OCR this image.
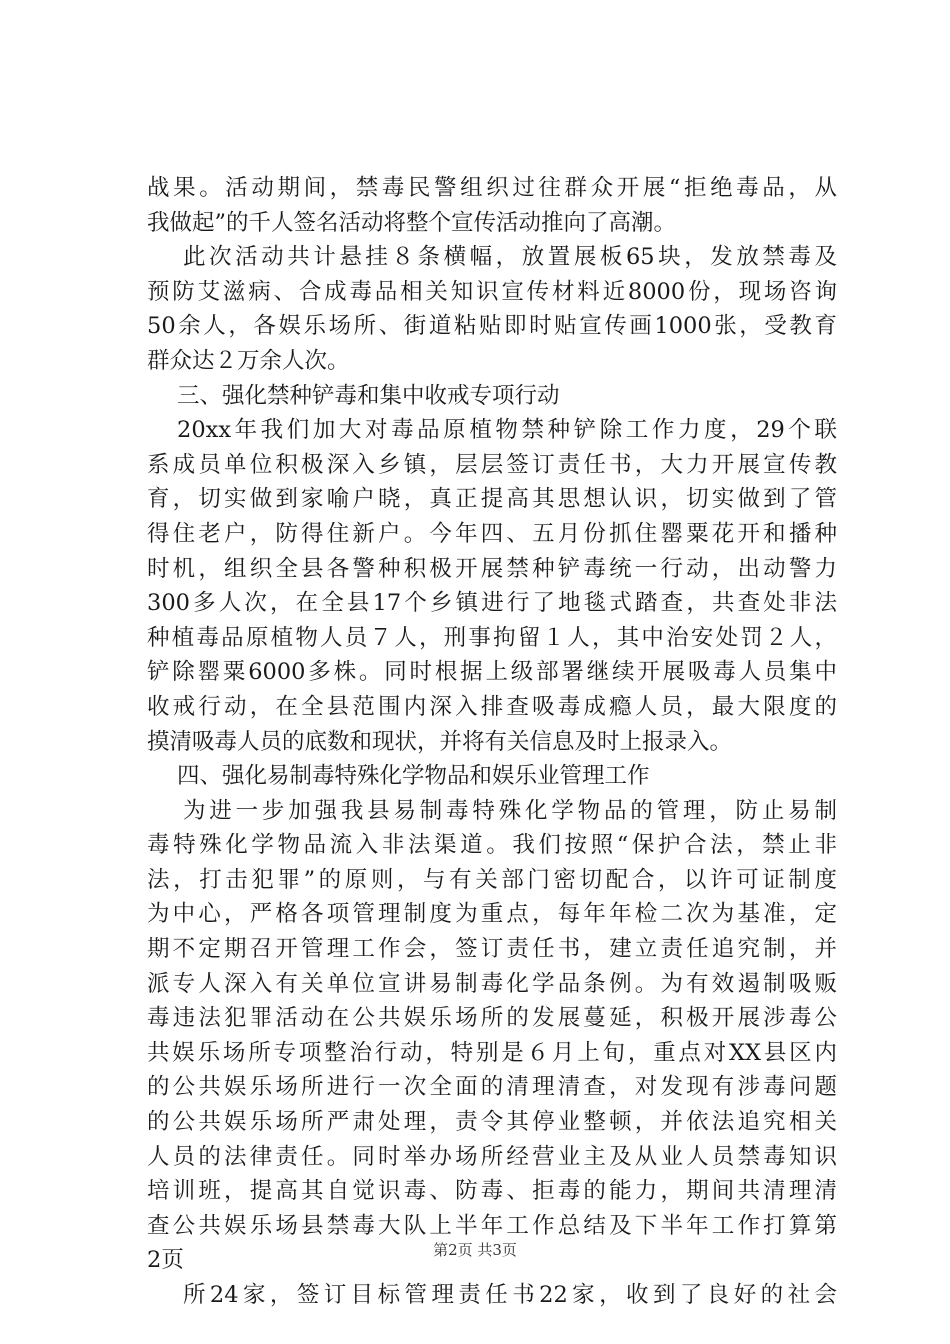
战果。活动期间，禁毒民警组织过往群众开展“拒绝毒品，从
我做起”的千人签名活动将整个宣传活动推向了高潮。
此次活动共计悬挂８条横幅，放置展板65块，发放禁毒及
预防艾滋病、合成毒品相关知识宣传材料近8000份，现场咨询
50余人，各娱乐场所、街道粘贴即时贴宣传画1000张，受教育
群众达２万余人次。
三、强化禁种铲毒和集中收戒专项行动
20xx年我们加大对毒品原植物禁种铲除工作力度，29个联
系成员单位积极深入乡镇，层层签订责任书，大力开展宣传教
育，切实做到家喻户晓，真正提高其思想认识，切实做到了管
得住老户，防得住新户。今年四、五月份抓住罂粟花开和播种
时机，组织全县各警种积极开展禁种铲毒统一行动，出动警力
300多人次，在全县17个乡镇进行了地毯式踏查，共查处非法
种植毒品原植物人员７人，刑事拘留１人，其中治安处罚２人，
铲除罂粟6000多株。同时根据上级部署继续开展吸毒人员集中
收戒行动，在全县范围内深入排查吸毒成瘾人员，最大限度的
摸清吸毒人员的底数和现状，并将有关信息及时上报录入。
四、强化易制毒特殊化学物品和娱乐业管理工作
为进一步加强我县易制毒特殊化学物品的管理，防止易制
毒特殊化学物品流入非法渠道。我们按照“保护合法，禁止非
法，打击犯罪”的原则，与有关部门密切配合，以许可证制度
为中心，严格各项管理制度为重点，每年年检二次为基准，定
期不定期召开管理工作会，签订责任书，建立责任追究制，并
派专人深入有关单位宣讲易制毒化学品条例。为有效遏制吸贩
毒违法犯罪活动在公共娱乐场所的发展蔓延，积极开展涉毒公
共娱乐场所专项整治行动，特别是６月上旬，重点对XX县区内
的公共娱乐场所进行一次全面的清理清查，对发现有涉毒问题
的公共娱乐场所严肃处理，责令其停业整顿，并依法追究相关
人员的法律责任。同时举办场所经营业主及从业人员禁毒知识
培训班，提高其自觉识毒、防毒、拒毒的能力，期间共清理清
查公共娱乐场县禁毒大队上半年工作总结及下半年工作打算第
2页
所24家，签订目标管理责任书22家，收到了良好的社会
第2页 共3页
